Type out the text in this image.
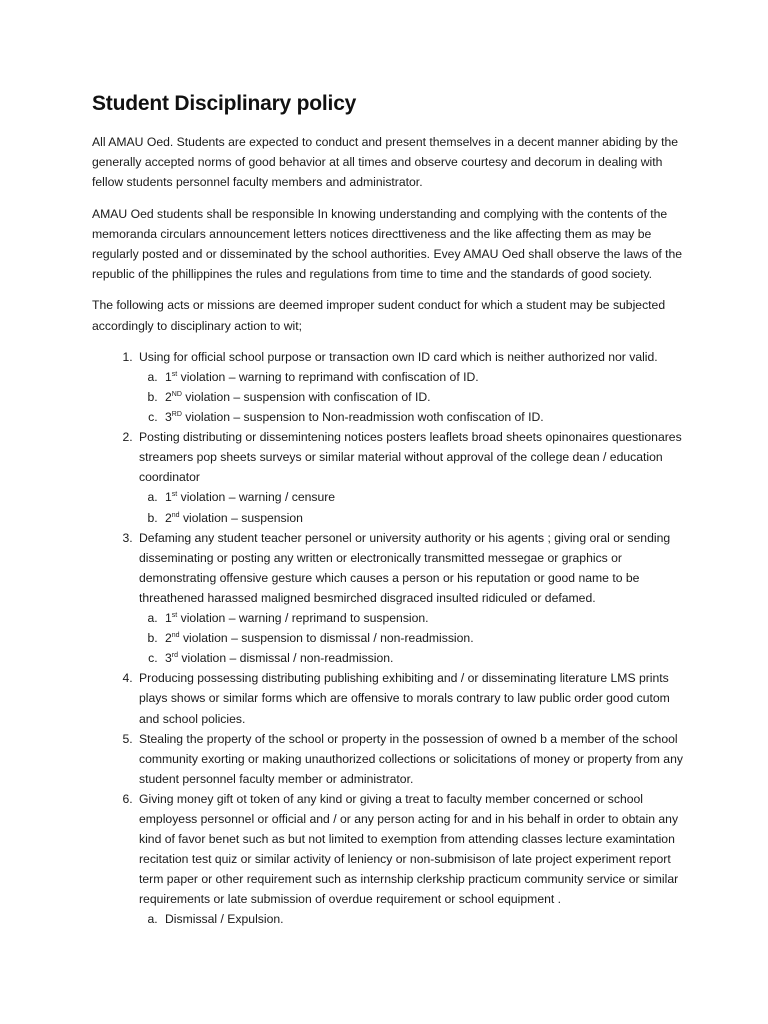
Student Disciplinary policy

All AMAU Oed. Students are expected to conduct and present themselves in a decent manner abiding by the generally accepted norms of good behavior at all times and observe courtesy and decorum in dealing with fellow students personnel faculty members and administrator.

AMAU Oed students shall be responsible In knowing understanding and complying with the contents of the memoranda circulars announcement letters notices directtiveness and the like affecting them as may be regularly posted and or disseminated by the school authorities. Evey AMAU Oed shall observe the laws of the republic of the phillippines the rules and regulations from time to time and the standards of good society.

The following acts or missions are deemed improper sudent conduct for which a student may be subjected accordingly to disciplinary action to wit;

1. Using for official school purpose or transaction own ID card which is neither authorized nor valid.
a. 1st violation – warning to reprimand with confiscation of ID.
b. 2ND violation – suspension with confiscation of ID.
c. 3RD violation – suspension to Non-readmission woth confiscation of ID.
2. Posting distributing or dissemintening notices posters leaflets broad sheets opinonaires questionares streamers pop sheets surveys or similar material without approval of the college dean / education coordinator
a. 1st violation – warning / censure
b. 2nd violation – suspension
3. Defaming any student teacher personel or university authority or his agents ; giving oral or sending disseminating or posting any written or electronically transmitted messegae or graphics or demonstrating offensive gesture which causes a person or his reputation or good name to be threathened harassed maligned besmirched disgraced insulted ridiculed or defamed.
a. 1st violation – warning / reprimand to suspension.
b. 2nd violation – suspension to dismissal / non-readmission.
c. 3rd violation – dismissal / non-readmission.
4. Producing possessing distributing publishing exhibiting and / or disseminating literature LMS prints plays shows or similar forms which are offensive to morals contrary to law public order good cutom and school policies.
5. Stealing the property of the school or property in the possession of owned b a member of the school community exorting or making unauthorized collections or solicitations of money or property from any student personnel faculty member or administrator.
6. Giving money gift ot token of any kind or giving a treat to faculty member concerned or school employess personnel or official and / or any person acting for and in his behalf in order to obtain any kind of favor benet such as but not limited to exemption from attending classes lecture examintation recitation test quiz or similar activity of leniency or non-submisison of late project experiment report term paper or other requirement such as internship clerkship practicum community service or similar requirements or late submission of overdue requirement or school equipment .
a. Dismissal / Expulsion.
